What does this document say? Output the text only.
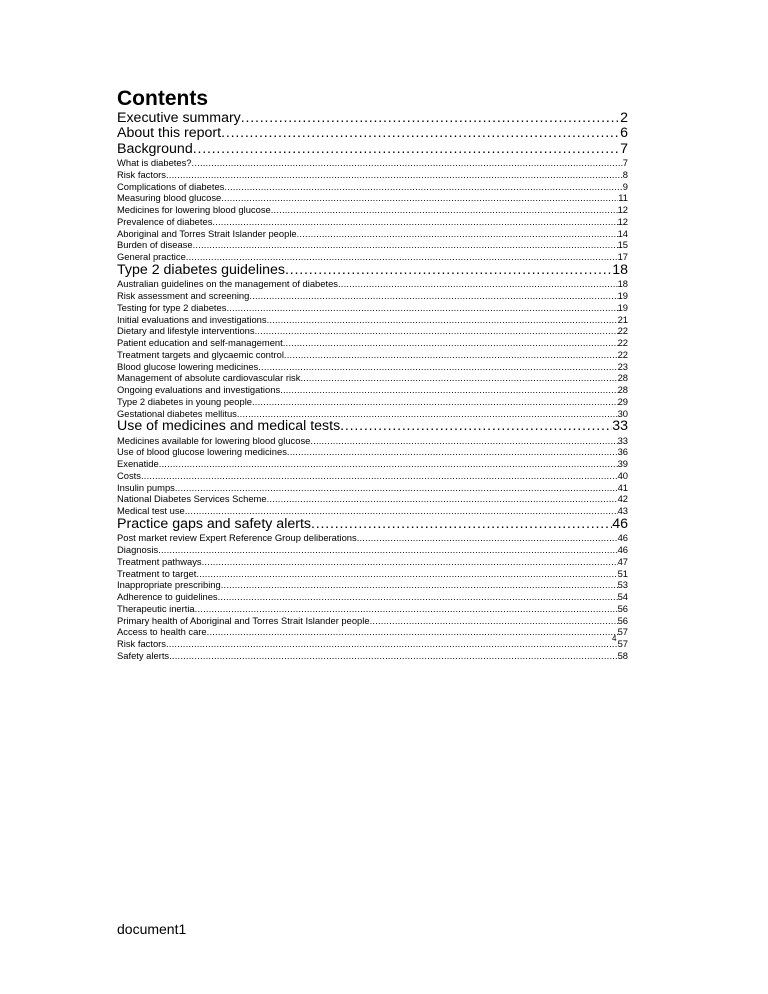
Contents
Executive summary .....	2
About this report .....	6
Background .....	7
What is diabetes? .....	7
Risk factors .....	8
Complications of diabetes .....	9
Measuring blood glucose .....	11
Medicines for lowering blood glucose .....	12
Prevalence of diabetes .....	12
Aboriginal and Torres Strait Islander people .....	14
Burden of disease .....	15
General practice .....	17
Type 2 diabetes guidelines .....	18
Australian guidelines on the management of diabetes .....	18
Risk assessment and screening .....	19
Testing for type 2 diabetes .....	19
Initial evaluations and investigations .....	21
Dietary and lifestyle interventions .....	22
Patient education and self-management .....	22
Treatment targets and glycaemic control .....	22
Blood glucose lowering medicines .....	23
Management of absolute cardiovascular risk .....	28
Ongoing evaluations and investigations .....	28
Type 2 diabetes in young people .....	29
Gestational diabetes mellitus .....	30
Use of medicines and medical tests .....	33
Medicines available for lowering blood glucose .....	33
Use of blood glucose lowering medicines .....	36
Exenatide .....	39
Costs .....	40
Insulin pumps .....	41
National Diabetes Services Scheme .....	42
Medical test use .....	43
Practice gaps and safety alerts .....	46
Post market review Expert Reference Group deliberations .....	46
Diagnosis .....	46
Treatment pathways .....	47
Treatment to target .....	51
Inappropriate prescribing .....	53
Adherence to guidelines .....	54
Therapeutic inertia .....	56
Primary health of Aboriginal and Torres Strait Islander people .....	56
Access to health care .....	57
Risk factors .....	57
Safety alerts .....	58
4
document1
